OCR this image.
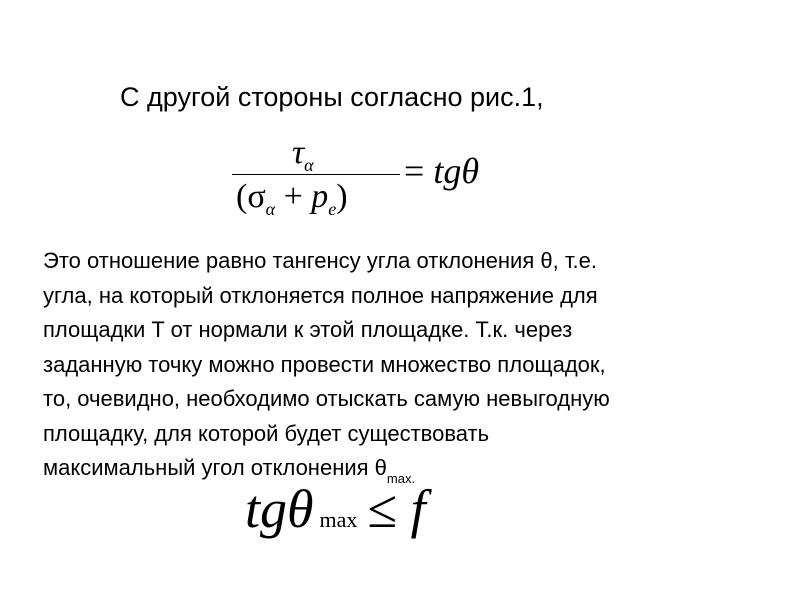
С другой стороны согласно рис.1,
$\tau_\alpha$
$(\sigma_\alpha + p_e)$
= tgθ
Это отношение равно тангенсу угла отклонения θ, т.е.
угла, на который отклоняется полное напряжение для
площадки T от нормали к этой площадке. Т.к. через
заданную точку можно провести множество площадок,
то, очевидно, необходимо отыскать самую невыгодную
площадку, для которой будет существовать
максимальный угол отклонения $\theta_{max.}$
tgθ max ≤ f
